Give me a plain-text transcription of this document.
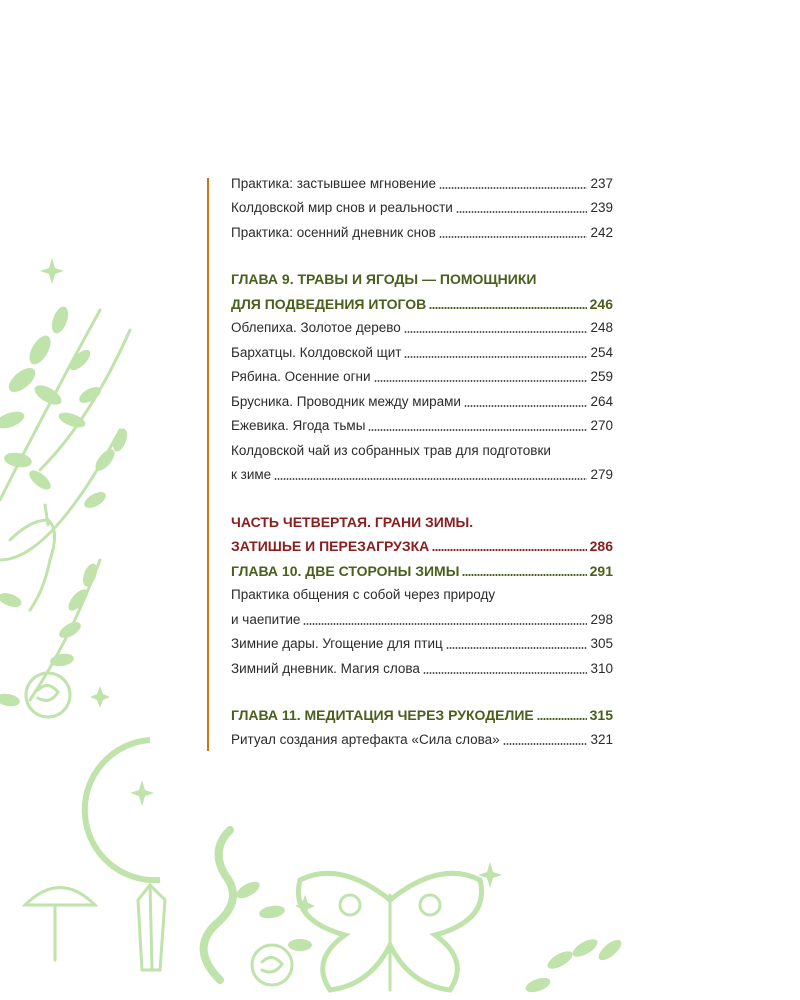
Практика: застывшее мгновение	237
Колдовской мир снов и реальности	239
Практика: осенний дневник снов	242
ГЛАВА 9. ТРАВЫ И ЯГОДЫ — ПОМОЩНИКИ
ДЛЯ ПОДВЕДЕНИЯ ИТОГОВ	246
Облепиха. Золотое дерево	248
Бархатцы. Колдовской щит	254
Рябина. Осенние огни	259
Брусника. Проводник между мирами	264
Ежевика. Ягода тьмы	270
Колдовской чай из собранных трав для подготовки
к зиме	279
ЧАСТЬ ЧЕТВЕРТАЯ. ГРАНИ ЗИМЫ.
ЗАТИШЬЕ И ПЕРЕЗАГРУЗКА	286
ГЛАВА 10. ДВЕ СТОРОНЫ ЗИМЫ	291
Практика общения с собой через природу
и чаепитие	298
Зимние дары. Угощение для птиц	305
Зимний дневник. Магия слова	310
ГЛАВА 11. МЕДИТАЦИЯ ЧЕРЕЗ РУКОДЕЛИЕ	315
Ритуал создания артефакта «Сила слова»	321
